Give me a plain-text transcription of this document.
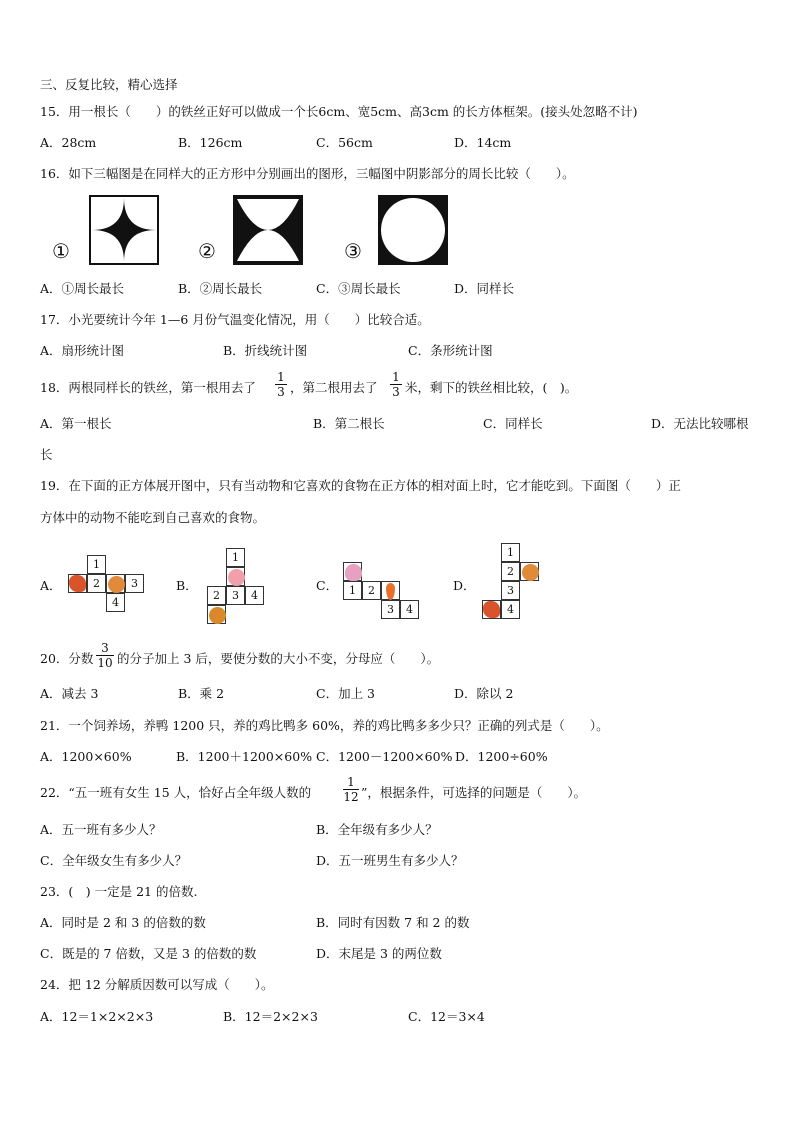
三、反复比较，精心选择
15．用一根长（　　）的铁丝正好可以做成一个长6cm、宽5cm、高3cm 的长方体框架。(接头处忽略不计)
A．28cm	B．126cm	C．56cm	D．14cm
16．如下三幅图是在同样大的正方形中分别画出的图形，三幅图中阴影部分的周长比较（　　）。
①	②	③
A．①周长最长	B．②周长最长	C．③周长最长	D．同样长
17．小光要统计今年 1—6 月份气温变化情况，用（　　）比较合适。
A．扇形统计图	B．折线统计图	C．条形统计图
18．两根同样长的铁丝，第一根用去了 $\frac{1}{3}$ ，第二根用去了 $\frac{1}{3}$ 米，剩下的铁丝相比较，(　)。
A．第一根长	B．第二根长	C．同样长	D．无法比较哪根
长
19．在下面的正方体展开图中，只有当动物和它喜欢的食物在正方体的相对面上时，它才能吃到。下面图（　　）正
方体中的动物不能吃到自己喜欢的食物。
A．
1
2	3
4
B．
1
2	3	4
C． 1	2
3	4
D．
1
2
3
4
20．分数 $\frac{3}{10}$ 的分子加上 3 后，要使分数的大小不变，分母应（　　）。
A．减去 3	B．乘 2	C．加上 3	D．除以 2
21．一个饲养场，养鸭 1200 只，养的鸡比鸭多 60%，养的鸡比鸭多多少只？正确的列式是（　　）。
A．1200×60%	B．1200＋1200×60% C．1200－1200×60% D．1200÷60%
22．“五一班有女生 15 人，恰好占全年级人数的	$\frac{1}{12}$ ”，根据条件，可选择的问题是（　　）。
A．五一班有多少人？	B．全年级有多少人？
C．全年级女生有多少人？	D．五一班男生有多少人？
23．(　) 一定是 21 的倍数.
A．同时是 2 和 3 的倍数的数	B．同时有因数 7 和 2 的数
C．既是的 7 倍数，又是 3 的倍数的数	D．末尾是 3 的两位数
24．把 12 分解质因数可以写成（　　）。
A．12＝1×2×2×3	B．12＝2×2×3	C．12＝3×4
